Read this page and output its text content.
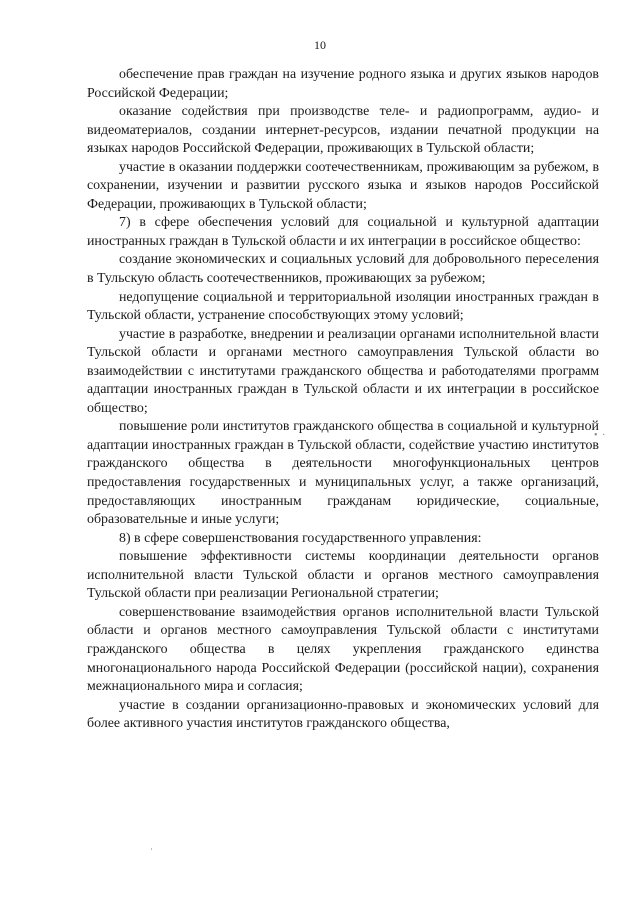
10

обеспечение прав граждан на изучение родного языка и других языков народов Российской Федерации;

оказание содействия при производстве теле- и радиопрограмм, аудио- и видеоматериалов, создании интернет-ресурсов, издании печатной продукции на языках народов Российской Федерации, проживающих в Тульской области;

участие в оказании поддержки соотечественникам, проживающим за рубежом, в сохранении, изучении и развитии русского языка и языков народов Российской Федерации, проживающих в Тульской области;

7) в сфере обеспечения условий для социальной и культурной адаптации иностранных граждан в Тульской области и их интеграции в российское общество:

создание экономических и социальных условий для добровольного переселения в Тульскую область соотечественников, проживающих за рубежом;

недопущение социальной и территориальной изоляции иностранных граждан в Тульской области, устранение способствующих этому условий;

участие в разработке, внедрении и реализации органами исполнительной власти Тульской области и органами местного самоуправления Тульской области во взаимодействии с институтами гражданского общества и работодателями программ адаптации иностранных граждан в Тульской области и их интеграции в российское общество;

повышение роли институтов гражданского общества в социальной и культурной адаптации иностранных граждан в Тульской области, содействие участию институтов гражданского общества в деятельности многофункциональных центров предоставления государственных и муниципальных услуг, а также организаций, предоставляющих иностранным гражданам юридические, социальные, образовательные и иные услуги;

8) в сфере совершенствования государственного управления:

повышение эффективности системы координации деятельности органов исполнительной власти Тульской области и органов местного самоуправления Тульской области при реализации Региональной стратегии;

совершенствование взаимодействия органов исполнительной власти Тульской области и органов местного самоуправления Тульской области с институтами гражданского общества в целях укрепления гражданского единства многонационального народа Российской Федерации (российской нации), сохранения межнационального мира и согласия;

участие в создании организационно-правовых и экономических условий для более активного участия институтов гражданского общества,

• ·
